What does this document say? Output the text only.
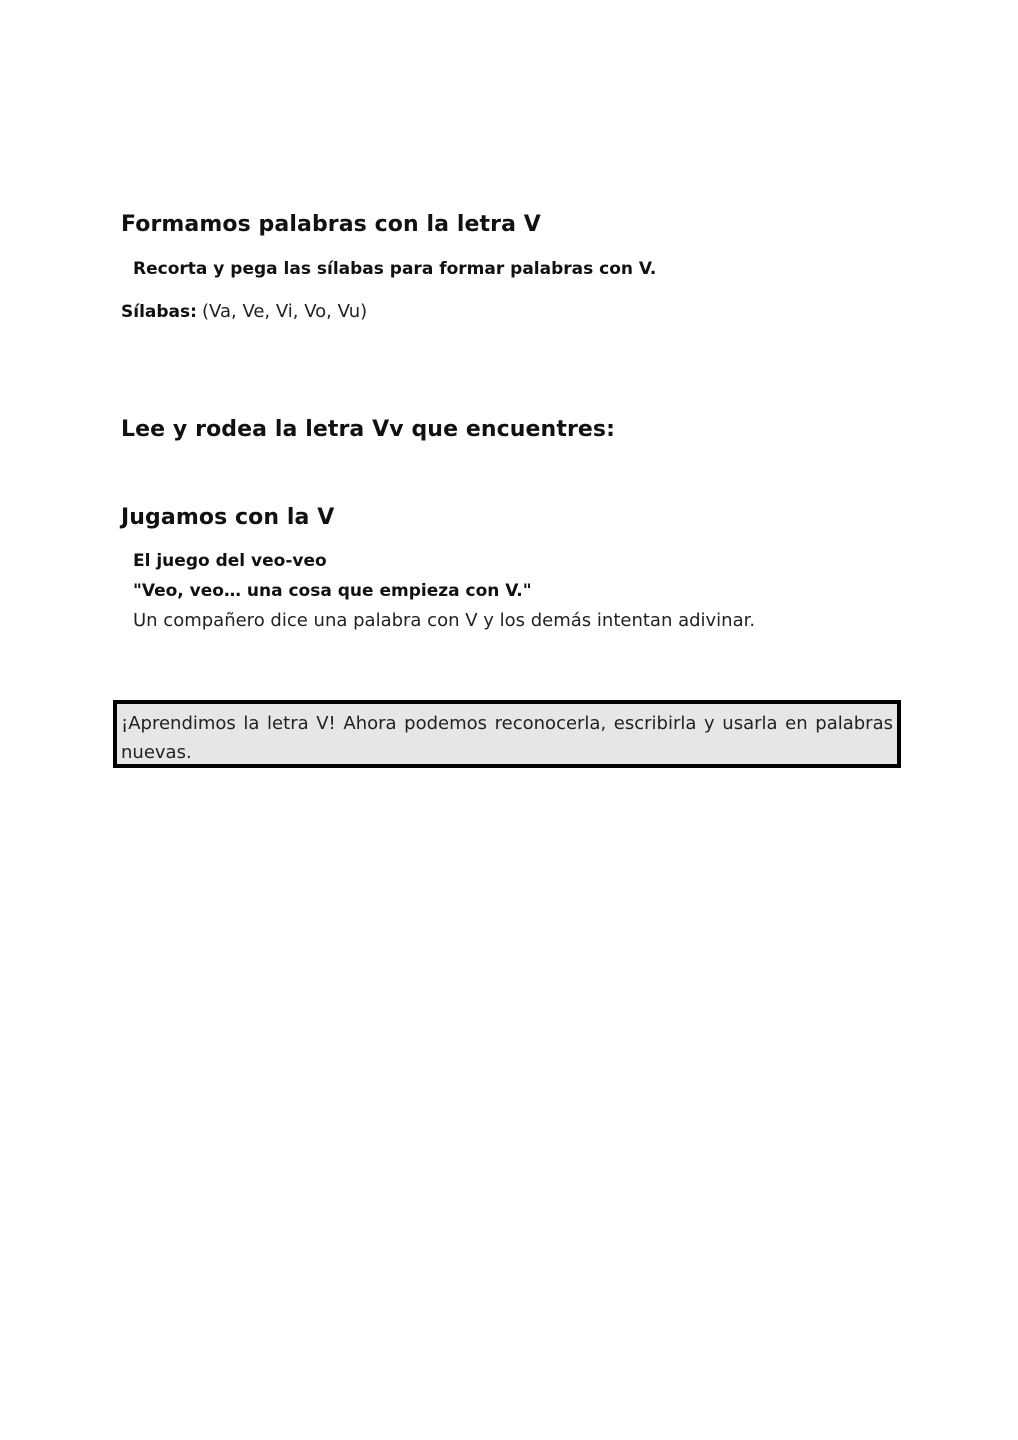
Formamos palabras con la letra V
Recorta y pega las sílabas para formar palabras con V.
Sílabas: (Va, Ve, Vi, Vo, Vu)
Lee y rodea la letra Vv que encuentres:
Jugamos con la V
El juego del veo-veo
"Veo, veo… una cosa que empieza con V."
Un compañero dice una palabra con V y los demás intentan adivinar.
¡Aprendimos la letra V! Ahora podemos reconocerla, escribirla y usarla en palabras nuevas.
